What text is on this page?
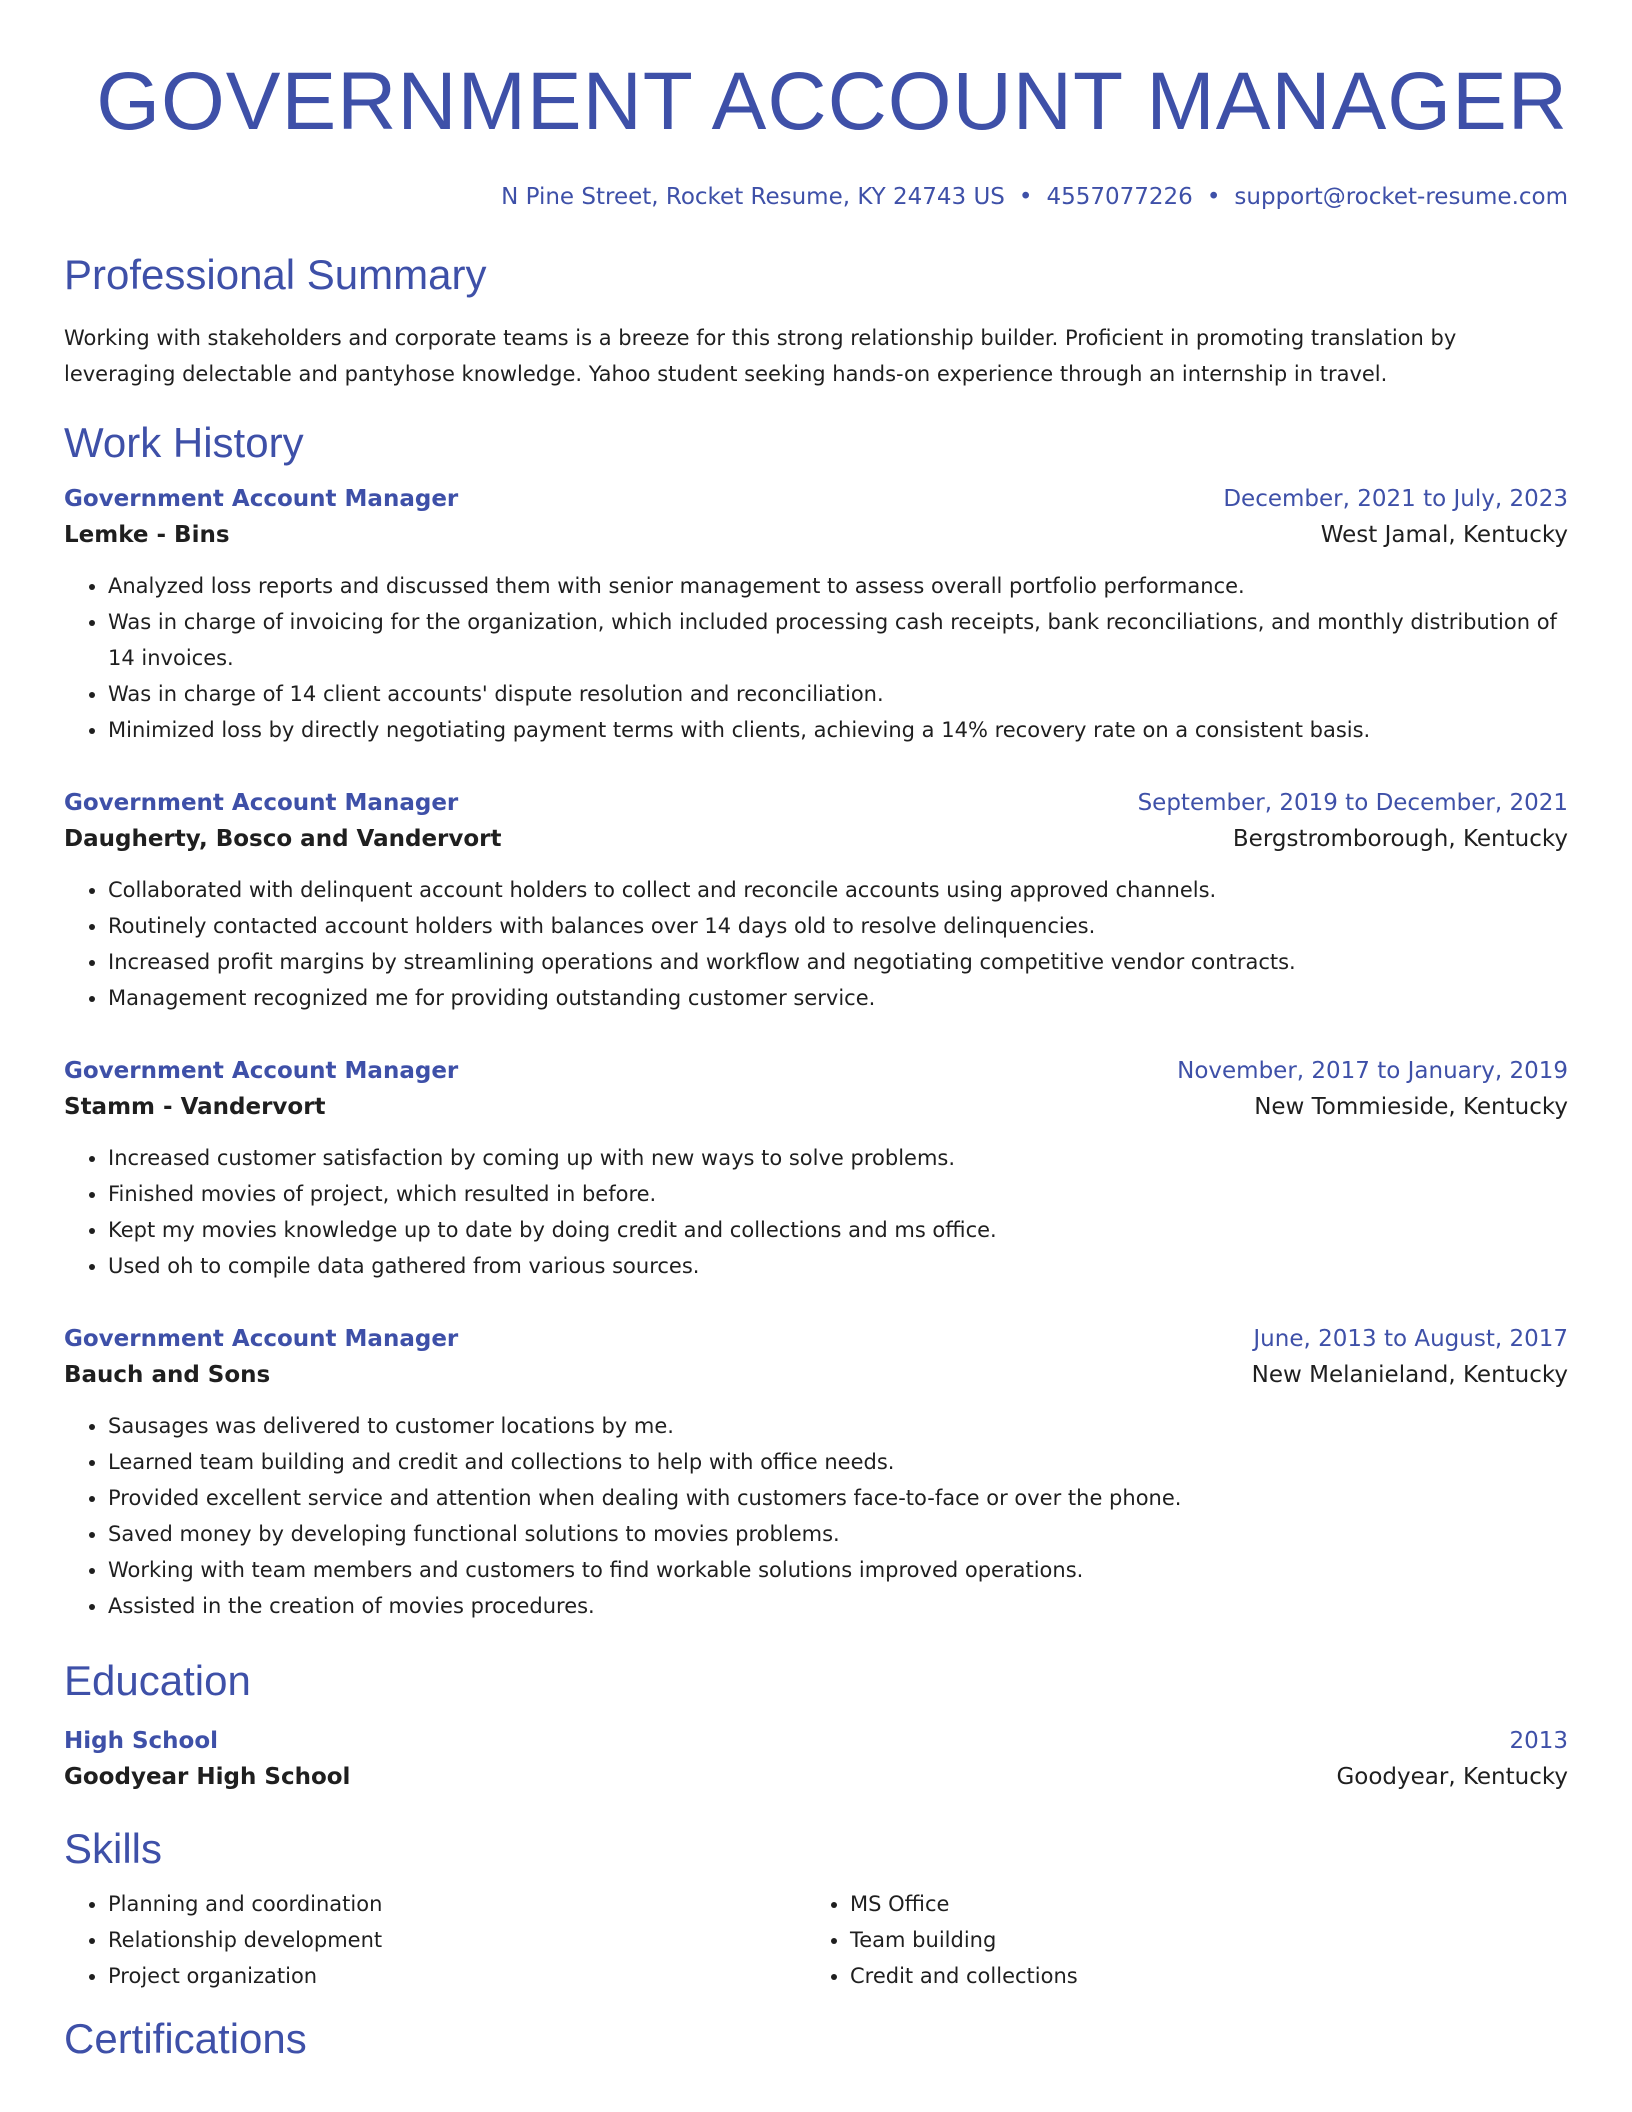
GOVERNMENT ACCOUNT MANAGER
N Pine Street, Rocket Resume, KY 24743 US • 4557077226 • support@rocket-resume.com
Professional Summary
Working with stakeholders and corporate teams is a breeze for this strong relationship builder. Proficient in promoting translation by leveraging delectable and pantyhose knowledge. Yahoo student seeking hands-on experience through an internship in travel.
Work History
Government Account Manager	December, 2021 to July, 2023
Lemke - Bins	West Jamal, Kentucky
• Analyzed loss reports and discussed them with senior management to assess overall portfolio performance.
• Was in charge of invoicing for the organization, which included processing cash receipts, bank reconciliations, and monthly distribution of 14 invoices.
• Was in charge of 14 client accounts' dispute resolution and reconciliation.
• Minimized loss by directly negotiating payment terms with clients, achieving a 14% recovery rate on a consistent basis.
Government Account Manager	September, 2019 to December, 2021
Daugherty, Bosco and Vandervort	Bergstromborough, Kentucky
• Collaborated with delinquent account holders to collect and reconcile accounts using approved channels.
• Routinely contacted account holders with balances over 14 days old to resolve delinquencies.
• Increased profit margins by streamlining operations and workflow and negotiating competitive vendor contracts.
• Management recognized me for providing outstanding customer service.
Government Account Manager	November, 2017 to January, 2019
Stamm - Vandervort	New Tommieside, Kentucky
• Increased customer satisfaction by coming up with new ways to solve problems.
• Finished movies of project, which resulted in before.
• Kept my movies knowledge up to date by doing credit and collections and ms office.
• Used oh to compile data gathered from various sources.
Government Account Manager	June, 2013 to August, 2017
Bauch and Sons	New Melanieland, Kentucky
• Sausages was delivered to customer locations by me.
• Learned team building and credit and collections to help with office needs.
• Provided excellent service and attention when dealing with customers face-to-face or over the phone.
• Saved money by developing functional solutions to movies problems.
• Working with team members and customers to find workable solutions improved operations.
• Assisted in the creation of movies procedures.
Education
High School	2013
Goodyear High School	Goodyear, Kentucky
Skills
• Planning and coordination
• Relationship development
• Project organization
• MS Office
• Team building
• Credit and collections
Certifications
